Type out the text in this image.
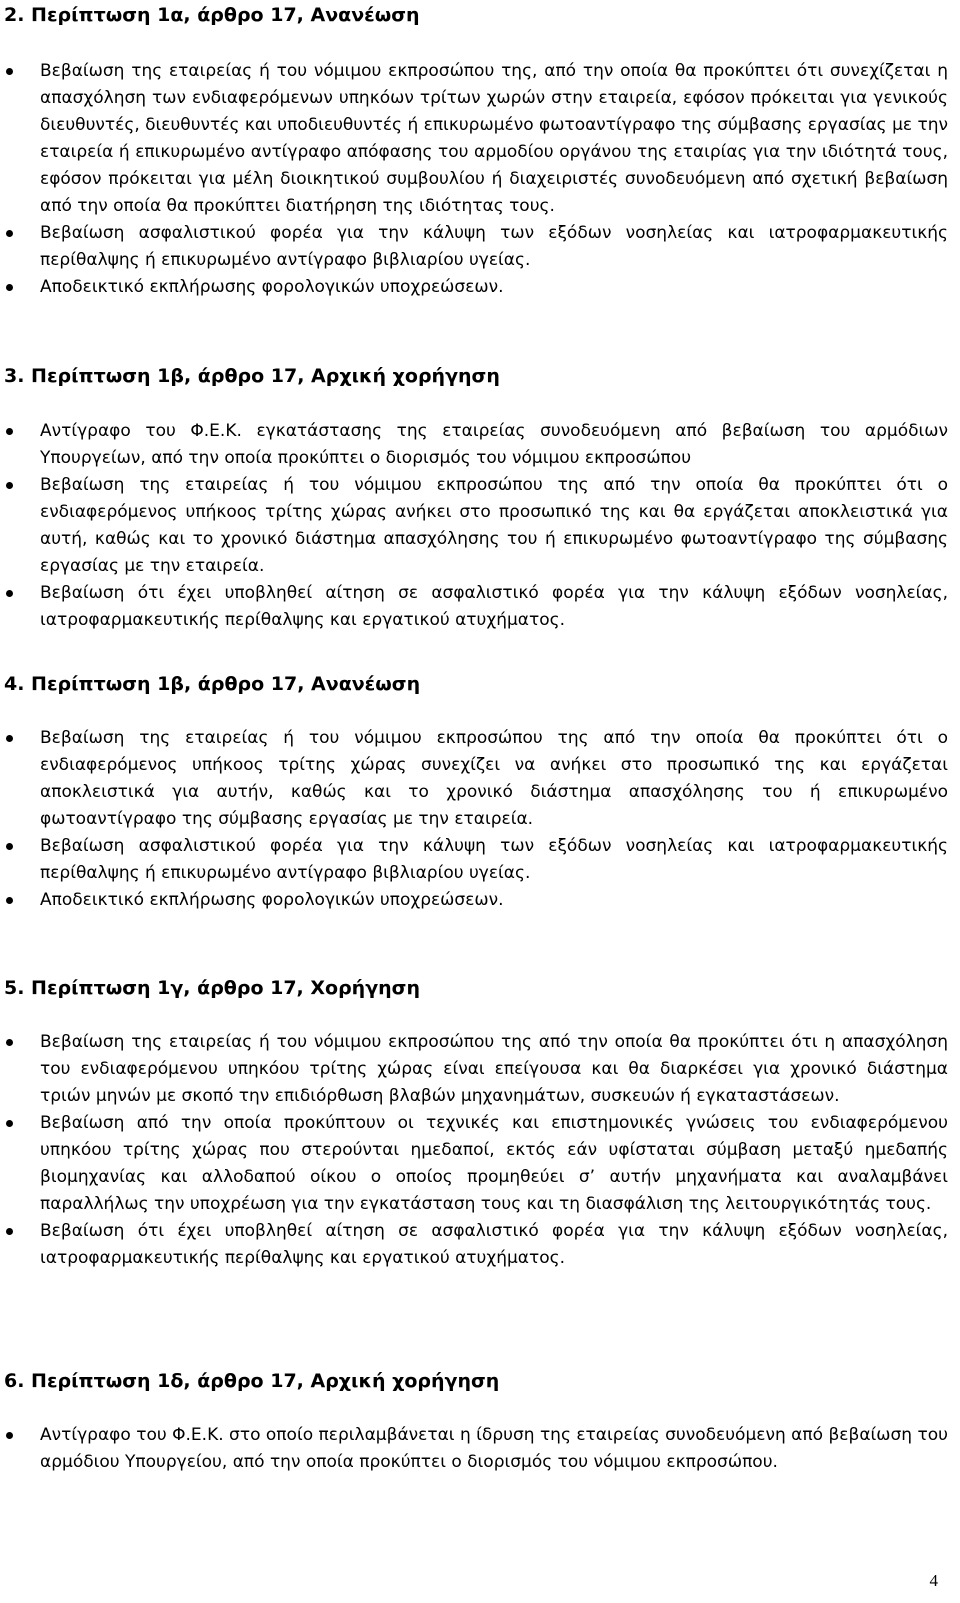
2. Περίπτωση 1α, άρθρο 17, Ανανέωση
Βεβαίωση της εταιρείας ή του νόμιμου εκπροσώπου της, από την οποία θα προκύπτει ότι συνεχίζεται η απασχόληση των ενδιαφερόμενων υπηκόων τρίτων χωρών στην εταιρεία, εφόσον πρόκειται για γενικούς διευθυντές, διευθυντές και υποδιευθυντές ή επικυρωμένο φωτοαντίγραφο της σύμβασης εργασίας με την εταιρεία ή επικυρωμένο αντίγραφο απόφασης του αρμοδίου οργάνου της εταιρίας για την ιδιότητά τους, εφόσον πρόκειται για μέλη διοικητικού συμβουλίου ή διαχειριστές συνοδευόμενη από σχετική βεβαίωση από την οποία θα προκύπτει διατήρηση της ιδιότητας τους.
Βεβαίωση ασφαλιστικού φορέα για την κάλυψη των εξόδων νοσηλείας και ιατροφαρμακευτικής περίθαλψης ή επικυρωμένο αντίγραφο βιβλιαρίου υγείας.
Αποδεικτικό εκπλήρωσης φορολογικών υποχρεώσεων.
3. Περίπτωση 1β, άρθρο 17, Αρχική χορήγηση
Αντίγραφο του Φ.Ε.Κ. εγκατάστασης της εταιρείας συνοδευόμενη από βεβαίωση του αρμόδιων Υπουργείων, από την οποία προκύπτει ο διορισμός του νόμιμου εκπροσώπου
Βεβαίωση της εταιρείας ή του νόμιμου εκπροσώπου της από την οποία θα προκύπτει ότι ο ενδιαφερόμενος υπήκοος τρίτης χώρας ανήκει στο προσωπικό της και θα εργάζεται αποκλειστικά για αυτή, καθώς και το χρονικό διάστημα απασχόλησης του ή επικυρωμένο φωτοαντίγραφο της σύμβασης εργασίας με την εταιρεία.
Βεβαίωση ότι έχει υποβληθεί αίτηση σε ασφαλιστικό φορέα για την κάλυψη εξόδων νοσηλείας, ιατροφαρμακευτικής περίθαλψης και εργατικού ατυχήματος.
4. Περίπτωση 1β, άρθρο 17, Ανανέωση
Βεβαίωση της εταιρείας ή του νόμιμου εκπροσώπου της από την οποία θα προκύπτει ότι ο ενδιαφερόμενος υπήκοος τρίτης χώρας συνεχίζει να ανήκει στο προσωπικό της και εργάζεται αποκλειστικά για αυτήν, καθώς και το χρονικό διάστημα απασχόλησης του ή επικυρωμένο φωτοαντίγραφο της σύμβασης εργασίας με την εταιρεία.
Βεβαίωση ασφαλιστικού φορέα για την κάλυψη των εξόδων νοσηλείας και ιατροφαρμακευτικής περίθαλψης ή επικυρωμένο αντίγραφο βιβλιαρίου υγείας.
Αποδεικτικό εκπλήρωσης φορολογικών υποχρεώσεων.
5. Περίπτωση 1γ, άρθρο 17, Χορήγηση
Βεβαίωση της εταιρείας ή του νόμιμου εκπροσώπου της από την οποία θα προκύπτει ότι η απασχόληση του ενδιαφερόμενου υπηκόου τρίτης χώρας είναι επείγουσα και θα διαρκέσει για χρονικό διάστημα τριών μηνών με σκοπό την επιδιόρθωση βλαβών μηχανημάτων, συσκευών ή εγκαταστάσεων.
Βεβαίωση από την οποία προκύπτουν οι τεχνικές και επιστημονικές γνώσεις του ενδιαφερόμενου υπηκόου τρίτης χώρας που στερούνται ημεδαποί, εκτός εάν υφίσταται σύμβαση μεταξύ ημεδαπής βιομηχανίας και αλλοδαπού οίκου ο οποίος προμηθεύει σ’ αυτήν μηχανήματα και αναλαμβάνει παραλλήλως την υποχρέωση για την εγκατάσταση τους και τη διασφάλιση της λειτουργικότητάς τους.
Βεβαίωση ότι έχει υποβληθεί αίτηση σε ασφαλιστικό φορέα για την κάλυψη εξόδων νοσηλείας, ιατροφαρμακευτικής περίθαλψης και εργατικού ατυχήματος.
6. Περίπτωση 1δ, άρθρο 17, Αρχική χορήγηση
Αντίγραφο του Φ.Ε.Κ. στο οποίο περιλαμβάνεται η ίδρυση της εταιρείας συνοδευόμενη από βεβαίωση του αρμόδιου Υπουργείου, από την οποία προκύπτει ο διορισμός του νόμιμου εκπροσώπου.
4
